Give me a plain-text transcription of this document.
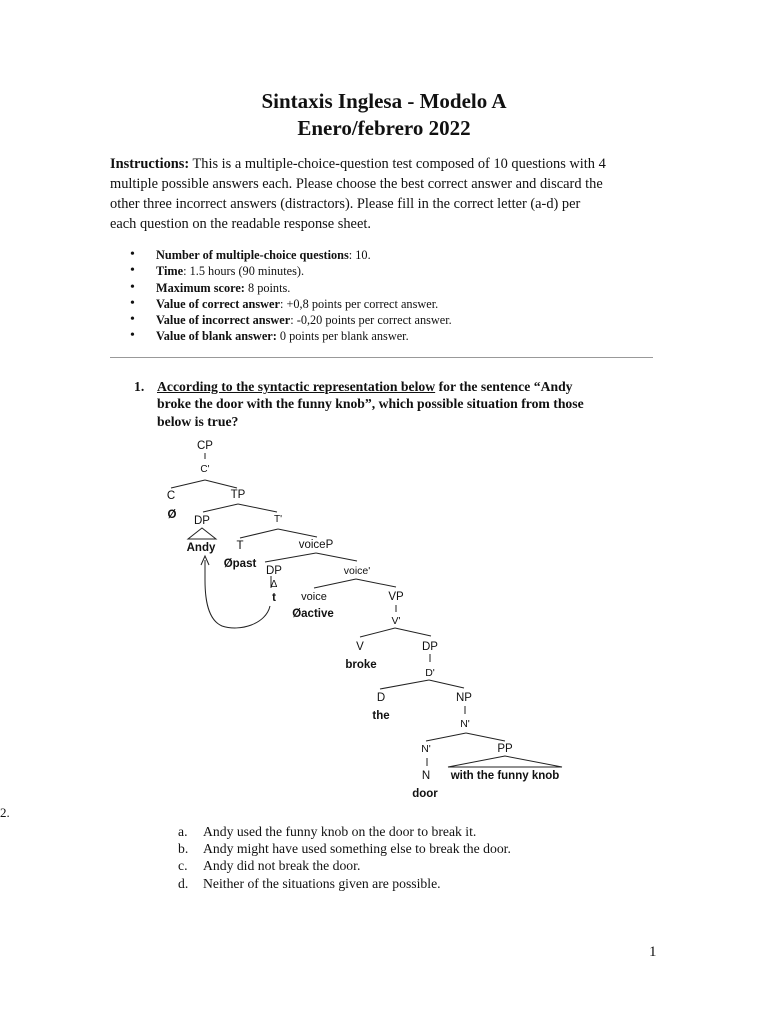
Sintaxis Inglesa - Modelo A
Enero/febrero 2022
Instructions: This is a multiple-choice-question test composed of 10 questions with 4
multiple possible answers each. Please choose the best correct answer and discard the
other three incorrect answers (distractors). Please fill in the correct letter (a-d) per
each question on the readable response sheet.
• Number of multiple-choice questions: 10.
• Time: 1.5 hours (90 minutes).
• Maximum score: 8 points.
• Value of correct answer: +0,8 points per correct answer.
• Value of incorrect answer: -0,20 points per correct answer.
• Value of blank answer: 0 points per blank answer.
1. According to the syntactic representation below for the sentence “Andy
broke the door with the funny knob”, which possible situation from those
below is true?
CP
C'
C	TP
Ø DP	T'
Andy T	voiceP
Øpast
DP	voice'
Δ
t voice	VP
Øactive
V'
V	DP
broke
D'
D	NP
the
N'
N'	PP
N with the funny knob
door
2.
a. Andy used the funny knob on the door to break it.
b. Andy might have used something else to break the door.
c. Andy did not break the door.
d. Neither of the situations given are possible.
1
